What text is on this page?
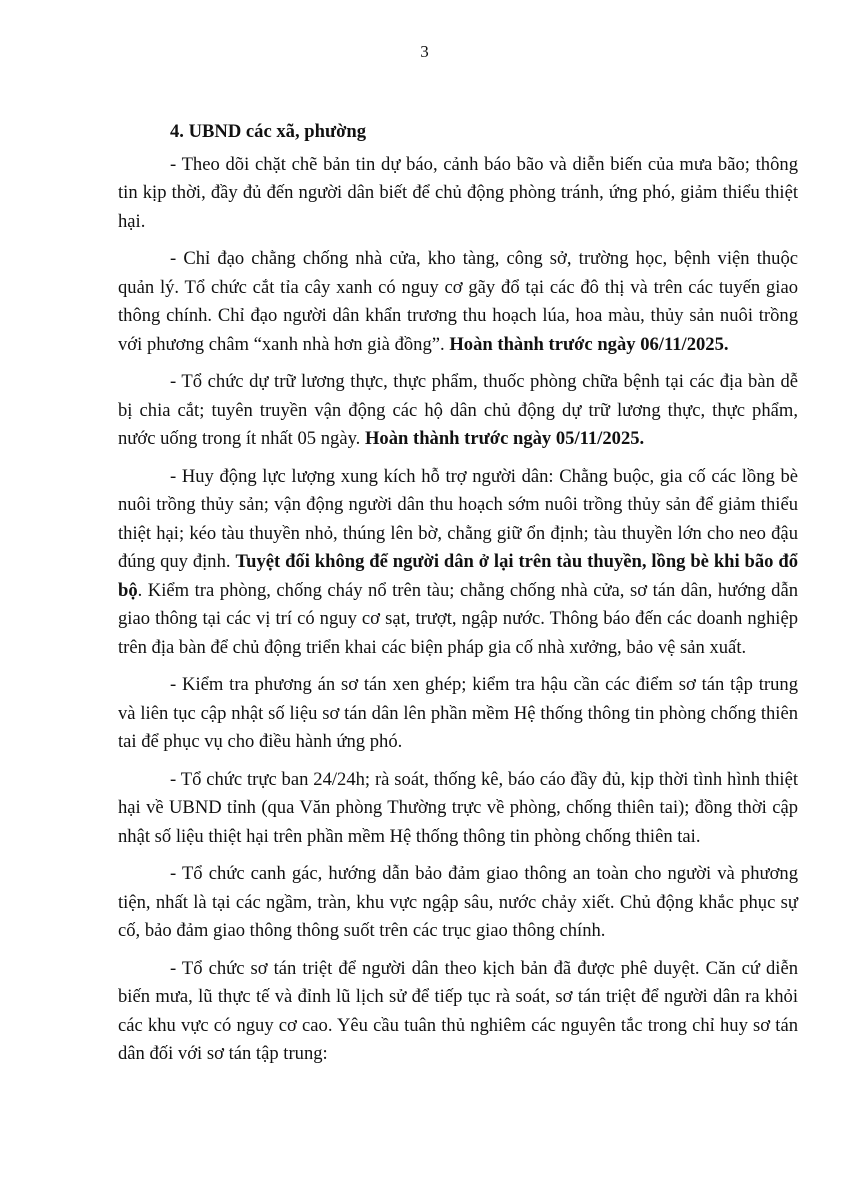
3

4. UBND các xã, phường

- Theo dõi chặt chẽ bản tin dự báo, cảnh báo bão và diễn biến của mưa bão; thông tin kịp thời, đầy đủ đến người dân biết để chủ động phòng tránh, ứng phó, giảm thiểu thiệt hại.

- Chỉ đạo chằng chống nhà cửa, kho tàng, công sở, trường học, bệnh viện thuộc quản lý. Tổ chức cắt tỉa cây xanh có nguy cơ gãy đổ tại các đô thị và trên các tuyến giao thông chính. Chỉ đạo người dân khẩn trương thu hoạch lúa, hoa màu, thủy sản nuôi trồng với phương châm “xanh nhà hơn già đồng”. Hoàn thành trước ngày 06/11/2025.

- Tổ chức dự trữ lương thực, thực phẩm, thuốc phòng chữa bệnh tại các địa bàn dễ bị chia cắt; tuyên truyền vận động các hộ dân chủ động dự trữ lương thực, thực phẩm, nước uống trong ít nhất 05 ngày. Hoàn thành trước ngày 05/11/2025.

- Huy động lực lượng xung kích hỗ trợ người dân: Chằng buộc, gia cố các lồng bè nuôi trồng thủy sản; vận động người dân thu hoạch sớm nuôi trồng thủy sản để giảm thiểu thiệt hại; kéo tàu thuyền nhỏ, thúng lên bờ, chằng giữ ổn định; tàu thuyền lớn cho neo đậu đúng quy định. Tuyệt đối không để người dân ở lại trên tàu thuyền, lồng bè khi bão đổ bộ. Kiểm tra phòng, chống cháy nổ trên tàu; chằng chống nhà cửa, sơ tán dân, hướng dẫn giao thông tại các vị trí có nguy cơ sạt, trượt, ngập nước. Thông báo đến các doanh nghiệp trên địa bàn để chủ động triển khai các biện pháp gia cố nhà xưởng, bảo vệ sản xuất.

- Kiểm tra phương án sơ tán xen ghép; kiểm tra hậu cần các điểm sơ tán tập trung và liên tục cập nhật số liệu sơ tán dân lên phần mềm Hệ thống thông tin phòng chống thiên tai để phục vụ cho điều hành ứng phó.

- Tổ chức trực ban 24/24h; rà soát, thống kê, báo cáo đầy đủ, kịp thời tình hình thiệt hại về UBND tỉnh (qua Văn phòng Thường trực về phòng, chống thiên tai); đồng thời cập nhật số liệu thiệt hại trên phần mềm Hệ thống thông tin phòng chống thiên tai.

- Tổ chức canh gác, hướng dẫn bảo đảm giao thông an toàn cho người và phương tiện, nhất là tại các ngầm, tràn, khu vực ngập sâu, nước chảy xiết. Chủ động khắc phục sự cố, bảo đảm giao thông thông suốt trên các trục giao thông chính.

- Tổ chức sơ tán triệt để người dân theo kịch bản đã được phê duyệt. Căn cứ diễn biến mưa, lũ thực tế và đỉnh lũ lịch sử để tiếp tục rà soát, sơ tán triệt để người dân ra khỏi các khu vực có nguy cơ cao. Yêu cầu tuân thủ nghiêm các nguyên tắc trong chỉ huy sơ tán dân đối với sơ tán tập trung:
